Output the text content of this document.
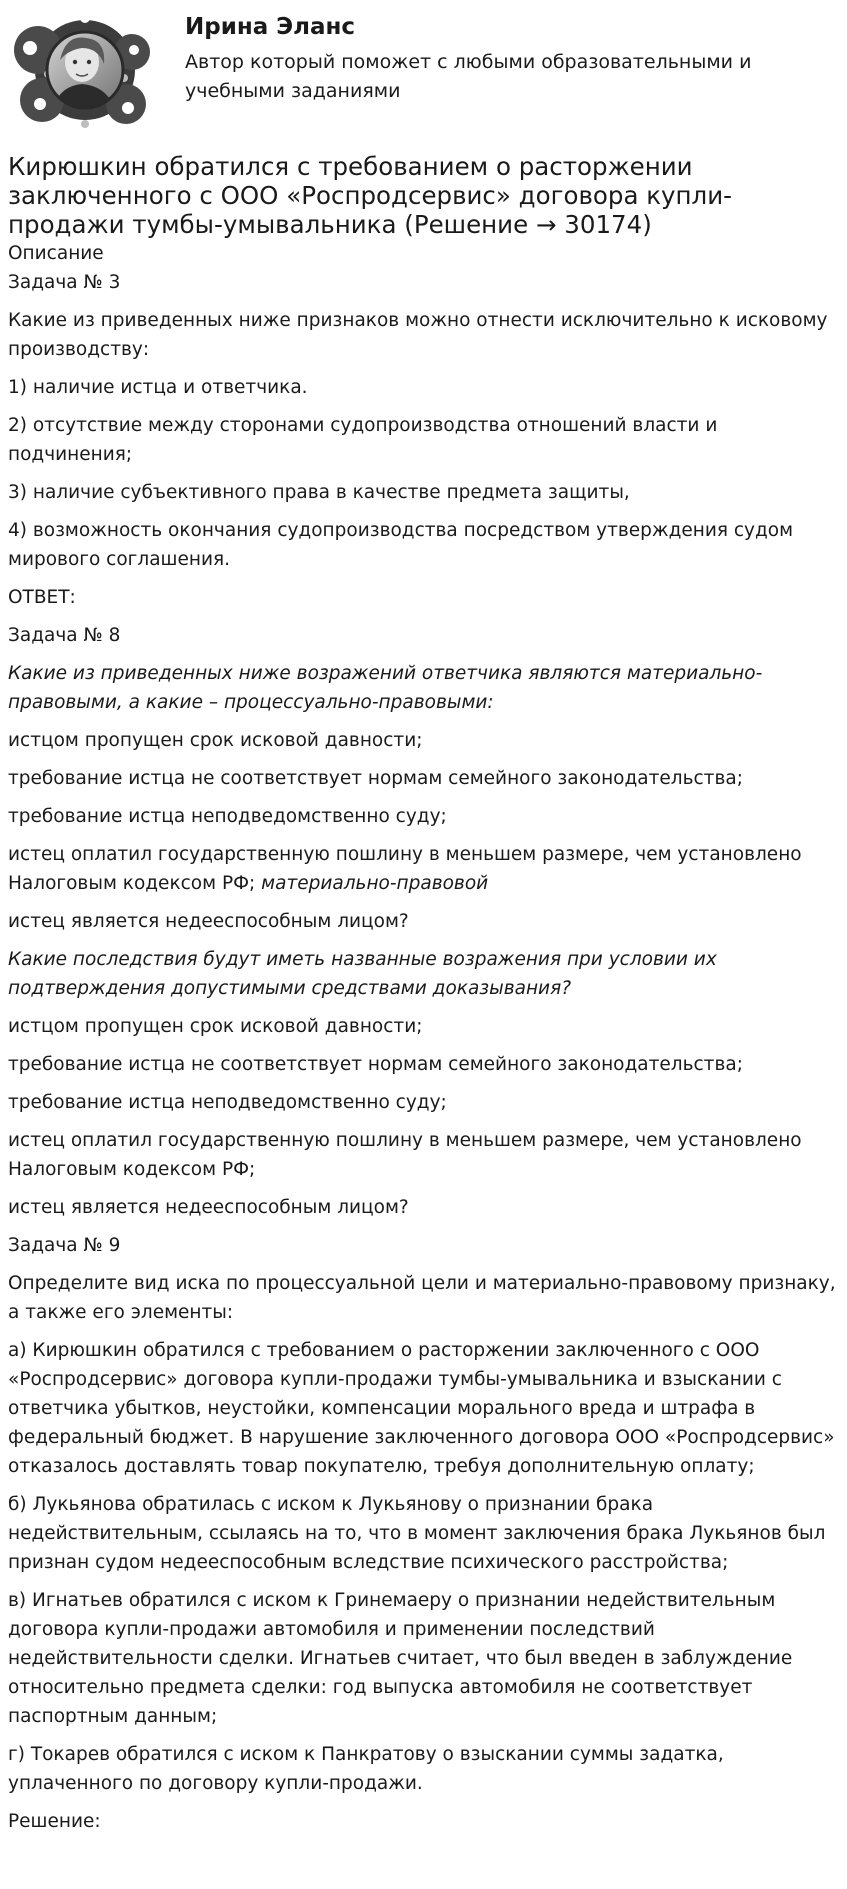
Ирина Эланс
Автор который поможет с любыми образовательными и учебными заданиями
Кирюшкин обратился с требованием о расторжении заключенного с ООО «Роспродсервис» договора купли-продажи тумбы-умывальника (Решение → 30174)

Описание

Задача № 3

Какие из приведенных ниже признаков можно отнести исключительно к исковому производству:

1) наличие истца и ответчика.

2) отсутствие между сторонами судопроизводства отношений власти и подчинения;

3) наличие субъективного права в качестве предмета защиты,

4) возможность окончания судопроизводства посредством утверждения судом мирового соглашения.

ОТВЕТ:

Задача № 8

Какие из приведенных ниже возражений ответчика являются материально-правовыми, а какие – процессуально-правовыми:

истцом пропущен срок исковой давности;

требование истца не соответствует нормам семейного законодательства;

требование истца неподведомственно суду;

истец оплатил государственную пошлину в меньшем размере, чем установлено Налоговым кодексом РФ; материально-правовой

истец является недееспособным лицом?

Какие последствия будут иметь названные возражения при условии их подтверждения допустимыми средствами доказывания?

истцом пропущен срок исковой давности;

требование истца не соответствует нормам семейного законодательства;

требование истца неподведомственно суду;

истец оплатил государственную пошлину в меньшем размере, чем установлено Налоговым кодексом РФ;

истец является недееспособным лицом?

Задача № 9

Определите вид иска по процессуальной цели и материально-правовому признаку, а также его элементы:

а) Кирюшкин обратился с требованием о расторжении заключенного с ООО «Роспродсервис» договора купли-продажи тумбы-умывальника и взыскании с ответчика убытков, неустойки, компенсации морального вреда и штрафа в федеральный бюджет. В нарушение заключенного договора ООО «Роспродсервис» отказалось доставлять товар покупателю, требуя дополнительную оплату;

б) Лукьянова обратилась с иском к Лукьянову о признании брака недействительным, ссылаясь на то, что в момент заключения брака Лукьянов был признан судом недееспособным вследствие психического расстройства;

в) Игнатьев обратился с иском к Гринемаеру о признании недействительным договора купли-продажи автомобиля и применении последствий недействительности сделки. Игнатьев считает, что был введен в заблуждение относительно предмета сделки: год выпуска автомобиля не соответствует паспортным данным;

г) Токарев обратился с иском к Панкратову о взыскании суммы задатка, уплаченного по договору купли-продажи.

Решение:
